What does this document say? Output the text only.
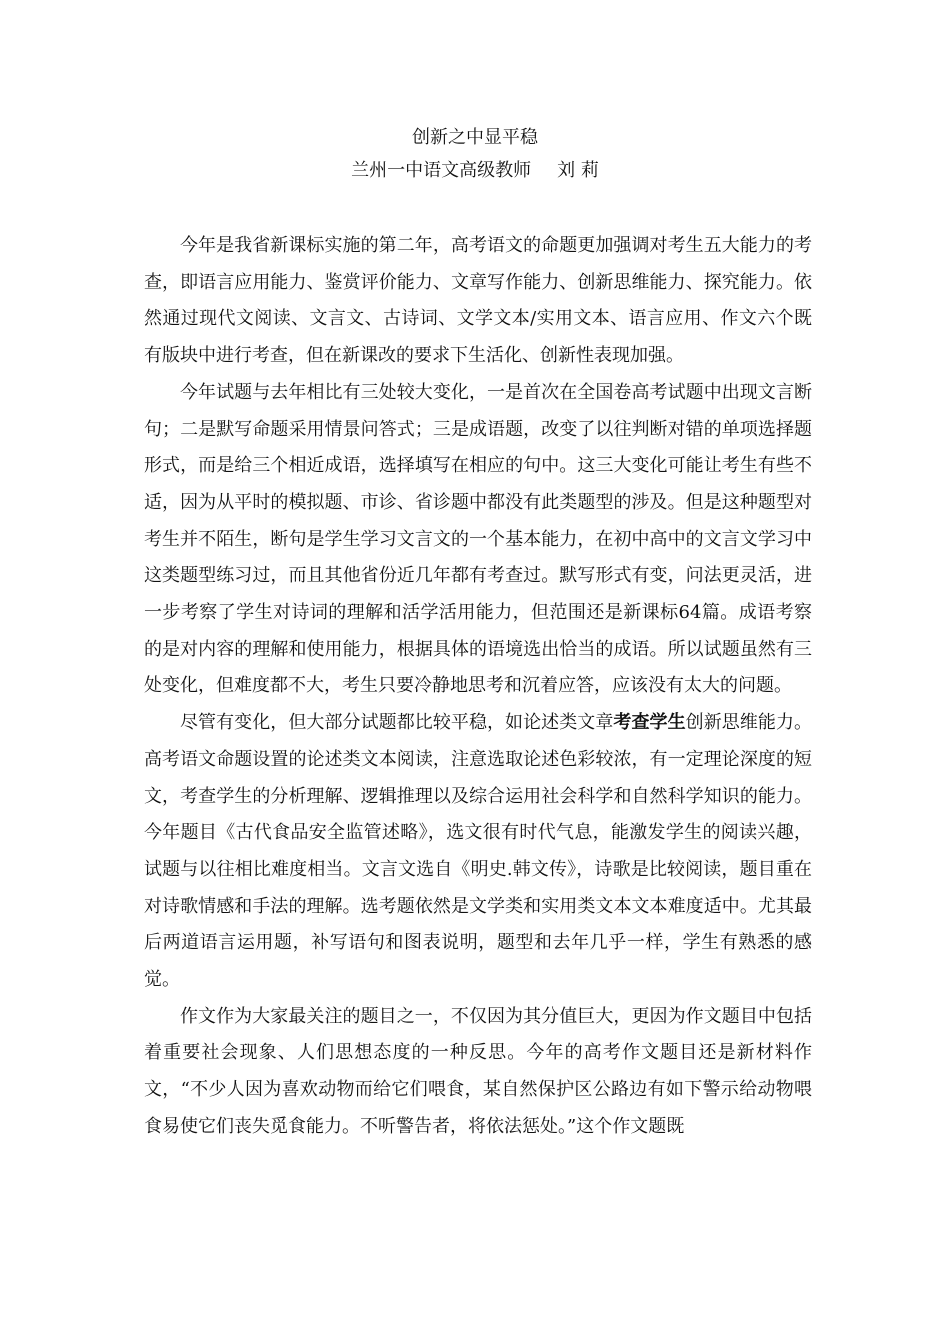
创新之中显平稳
兰州一中语文高级教师 刘 莉

今年是我省新课标实施的第二年，高考语文的命题更加强调对考生五大能力的考查，即语言应用能力、鉴赏评价能力、文章写作能力、创新思维能力、探究能力。依然通过现代文阅读、文言文、古诗词、文学文本/实用文本、语言应用、作文六个既有版块中进行考查，但在新课改的要求下生活化、创新性表现加强。

今年试题与去年相比有三处较大变化，一是首次在全国卷高考试题中出现文言断句；二是默写命题采用情景问答式；三是成语题，改变了以往判断对错的单项选择题形式，而是给三个相近成语，选择填写在相应的句中。这三大变化可能让考生有些不适，因为从平时的模拟题、市诊、省诊题中都没有此类题型的涉及。但是这种题型对考生并不陌生，断句是学生学习文言文的一个基本能力，在初中高中的文言文学习中这类题型练习过，而且其他省份近几年都有考查过。默写形式有变，问法更灵活，进一步考察了学生对诗词的理解和活学活用能力，但范围还是新课标64篇。成语考察的是对内容的理解和使用能力，根据具体的语境选出恰当的成语。所以试题虽然有三处变化，但难度都不大，考生只要冷静地思考和沉着应答，应该没有太大的问题。

尽管有变化，但大部分试题都比较平稳，如论述类文章考查学生创新思维能力。高考语文命题设置的论述类文本阅读，注意选取论述色彩较浓，有一定理论深度的短文，考查学生的分析理解、逻辑推理以及综合运用社会科学和自然科学知识的能力。今年题目《古代食品安全监管述略》，选文很有时代气息，能激发学生的阅读兴趣，试题与以往相比难度相当。文言文选自《明史.韩文传》，诗歌是比较阅读，题目重在对诗歌情感和手法的理解。选考题依然是文学类和实用类文本文本难度适中。尤其最后两道语言运用题，补写语句和图表说明，题型和去年几乎一样，学生有熟悉的感觉。

作文作为大家最关注的题目之一，不仅因为其分值巨大，更因为作文题目中包括着重要社会现象、人们思想态度的一种反思。今年的高考作文题目还是新材料作文，“不少人因为喜欢动物而给它们喂食，某自然保护区公路边有如下警示给动物喂食易使它们丧失觅食能力。不听警告者，将依法惩处。”这个作文题既
